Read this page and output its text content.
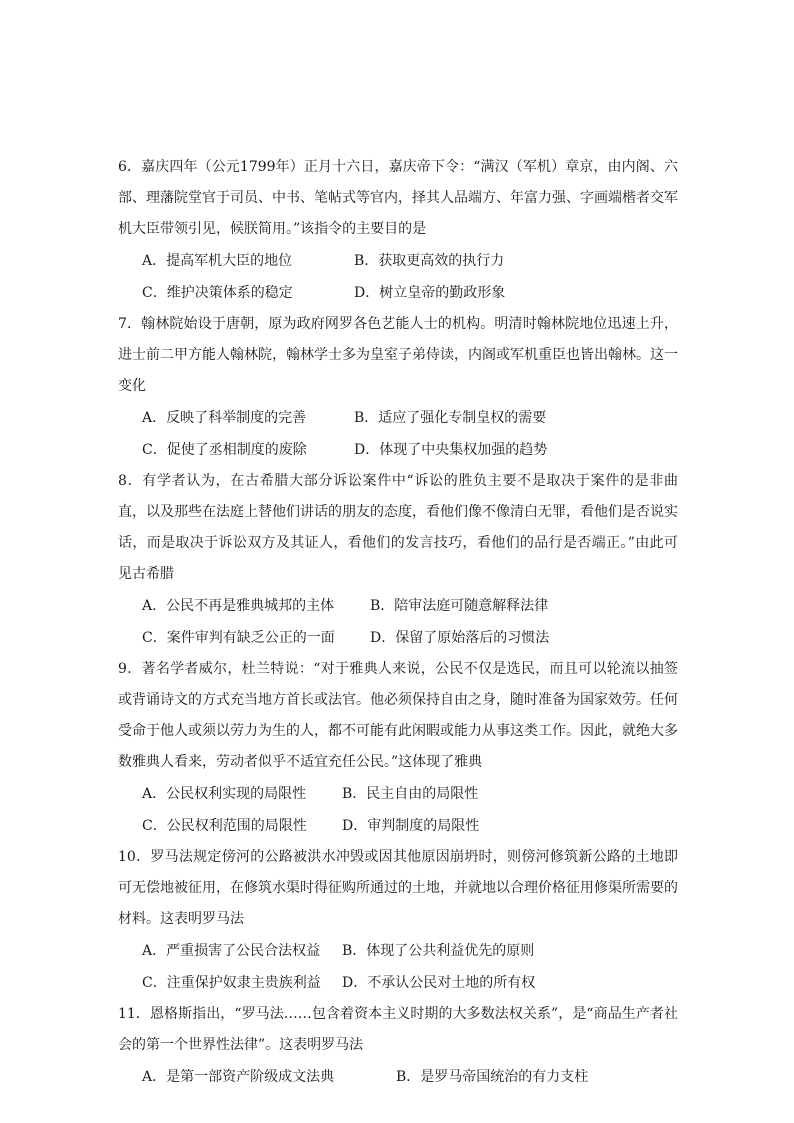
6．嘉庆四年（公元1799年）正月十六日，嘉庆帝下令：“满汉（军机）章京，由内阁、六部、理藩院堂官于司员、中书、笔帖式等官内，择其人品端方、年富力强、字画端楷者交军机大臣带领引见，候朕简用。”该指令的主要目的是

A．提高军机大臣的地位	B．获取更高效的执行力
C．维护决策体系的稳定	D．树立皇帝的勤政形象

7．翰林院始设于唐朝，原为政府网罗各色艺能人士的机构。明清时翰林院地位迅速上升，进士前二甲方能人翰林院，翰林学士多为皇室子弟侍读，内阁或军机重臣也皆出翰林。这一变化

A．反映了科举制度的完善	B．适应了强化专制皇权的需要
C．促使了丞相制度的废除	D．体现了中央集权加强的趋势

8．有学者认为，在古希腊大部分诉讼案件中“诉讼的胜负主要不是取决于案件的是非曲直，以及那些在法庭上替他们讲话的朋友的态度，看他们像不像清白无罪，看他们是否说实话，而是取决于诉讼双方及其证人，看他们的发言技巧，看他们的品行是否端正。”由此可见古希腊

A．公民不再是雅典城邦的主体	B．陪审法庭可随意解释法律
C．案件审判有缺乏公正的一面	D．保留了原始落后的习惯法

9．著名学者威尔，杜兰特说：“对于雅典人来说，公民不仅是选民，而且可以轮流以抽签或背诵诗文的方式充当地方首长或法官。他必须保持自由之身，随时准备为国家效劳。任何受命于他人或须以劳力为生的人，都不可能有此闲暇或能力从事这类工作。因此，就绝大多数雅典人看来，劳动者似乎不适宜充任公民。”这体现了雅典

A．公民权利实现的局限性	B．民主自由的局限性
C．公民权利范围的局限性	D．审判制度的局限性

10．罗马法规定傍河的公路被洪水冲毁或因其他原因崩坍时，则傍河修筑新公路的土地即可无偿地被征用，在修筑水渠时得征购所通过的土地，并就地以合理价格征用修渠所需要的材料。这表明罗马法

A．严重损害了公民合法权益	B．体现了公共利益优先的原则
C．注重保护奴隶主贵族利益	D．不承认公民对土地的所有权

11．恩格斯指出，“罗马法……包含着资本主义时期的大多数法权关系”，是“商品生产者社会的第一个世界性法律”。这表明罗马法

A．是第一部资产阶级成文法典	B．是罗马帝国统治的有力支柱
